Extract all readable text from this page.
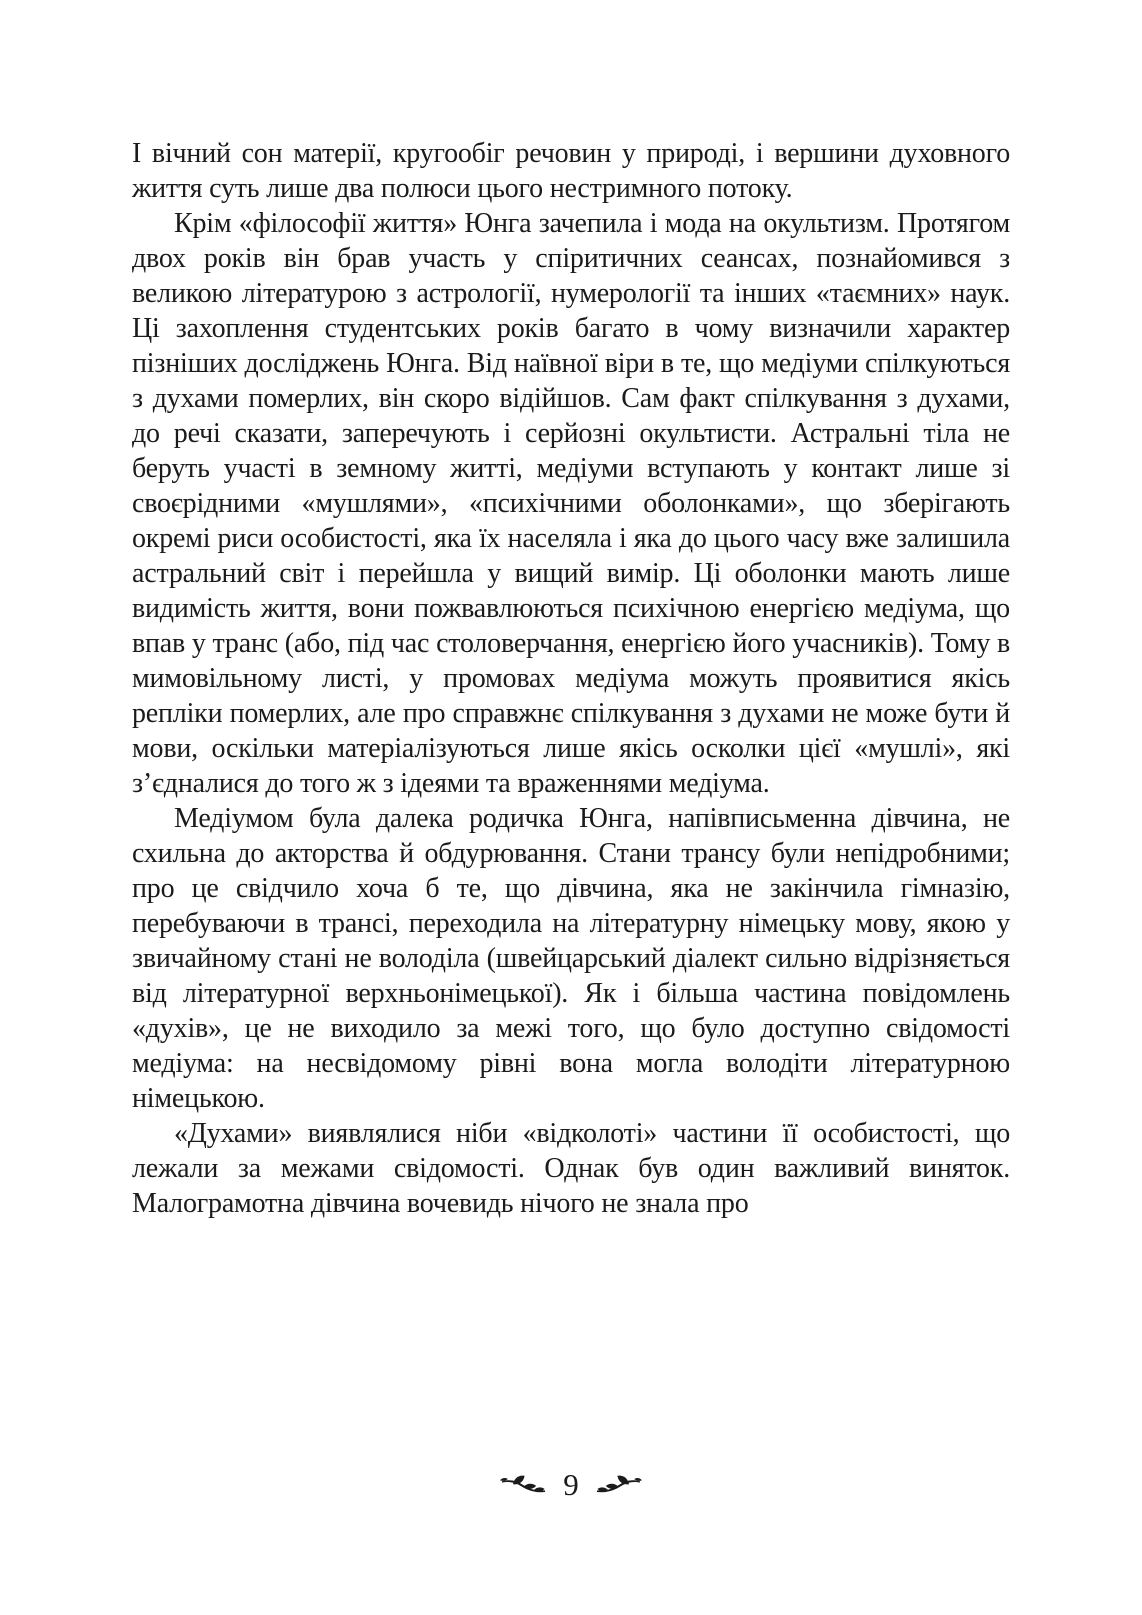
І вічний сон матерії, кругообіг речовин у природі, і вершини духовного життя суть лише два полюси цього нестримного потоку.

Крім «філософії життя» Юнга зачепила і мода на окультизм. Протягом двох років він брав участь у спіритичних сеансах, познайомився з великою літературою з астрології, нумерології та інших «таємних» наук. Ці захоплення студентських років багато в чому визначили характер пізніших досліджень Юнга. Від наївної віри в те, що медіуми спілкуються з духами померлих, він скоро відійшов. Сам факт спілкування з духами, до речі сказати, заперечують і серйозні окультисти. Астральні тіла не беруть участі в земному житті, медіуми вступають у контакт лише зі своєрідними «мушлями», «психічними оболонками», що зберігають окремі риси особистості, яка їх населяла і яка до цього часу вже залишила астральний світ і перейшла у вищий вимір. Ці оболонки мають лише видимість життя, вони пожвавлюються психічною енергією медіума, що впав у транс (або, під час столоверчання, енергією його учасників). Тому в мимовільному листі, у промовах медіума можуть проявитися якісь репліки померлих, але про справжнє спілкування з духами не може бути й мови, оскільки матеріалізуються лише якісь осколки цієї «мушлі», які з’єдналися до того ж з ідеями та враженнями медіума.

Медіумом була далека родичка Юнга, напівписьменна дівчина, не схильна до акторства й обдурювання. Стани трансу були непідробними; про це свідчило хоча б те, що дівчина, яка не закінчила гімназію, перебуваючи в трансі, переходила на літературну німецьку мову, якою у звичайному стані не володіла (швейцарський діалект сильно відрізняється від літературної верхньонімецької). Як і більша частина повідомлень «духів», це не виходило за межі того, що було доступно свідомості медіума: на несвідомому рівні вона могла володіти літературною німецькою.

«Духами» виявлялися ніби «відколоті» частини її особистості, що лежали за межами свідомості. Однак був один важливий виняток. Малограмотна дівчина вочевидь нічого не знала про

9
